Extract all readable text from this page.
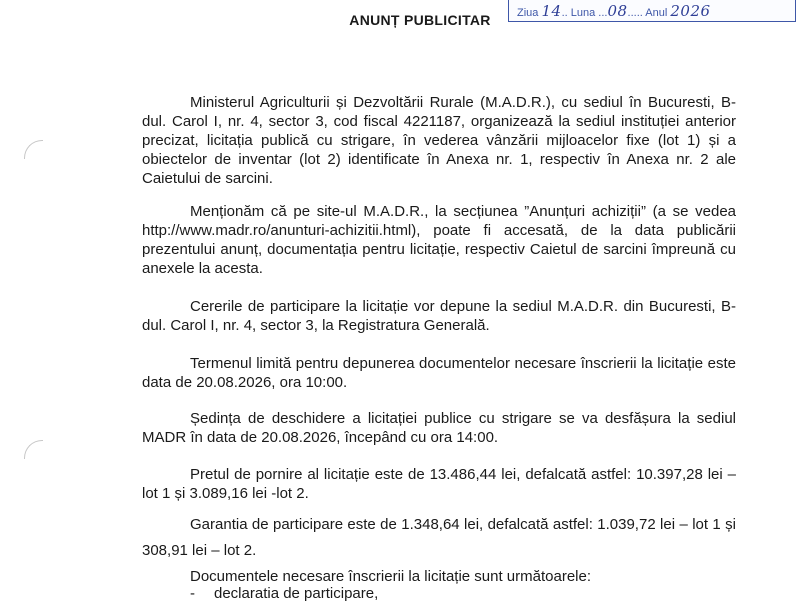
ANUNȚ PUBLICITAR	Ziua 14.. Luna ...08..... Anul 2026

Ministerul Agriculturii și Dezvoltării Rurale (M.A.D.R.), cu sediul în Bucuresti, B-dul. Carol I, nr. 4, sector 3, cod fiscal 4221187, organizează la sediul instituției anterior precizat, licitația publică cu strigare, în vederea vânzării mijloacelor fixe (lot 1) și a obiectelor de inventar (lot 2) identificate în Anexa nr. 1, respectiv în Anexa nr. 2 ale Caietului de sarcini.

Menționăm că pe site-ul M.A.D.R., la secțiunea ”Anunțuri achiziții” (a se vedea http://www.madr.ro/anunturi-achizitii.html), poate fi accesată, de la data publicării prezentului anunț, documentația pentru licitație, respectiv Caietul de sarcini împreună cu anexele la acesta.

Cererile de participare la licitație vor depune la sediul M.A.D.R. din Bucuresti, B-dul. Carol I, nr. 4, sector 3, la Registratura Generală.

Termenul limită pentru depunerea documentelor necesare înscrierii la licitație este data de 20.08.2026, ora 10:00.

Ședința de deschidere a licitației publice cu strigare se va desfășura la sediul MADR în data de 20.08.2026, începând cu ora 14:00.

Pretul de pornire al licitație este de 13.486,44 lei, defalcată astfel: 10.397,28 lei – lot 1 și 3.089,16 lei -lot 2.

Garantia de participare este de 1.348,64 lei, defalcată astfel: 1.039,72 lei – lot 1 și 308,91 lei – lot 2.

Documentele necesare înscrierii la licitație sunt următoarele:

- declaratia de participare,
